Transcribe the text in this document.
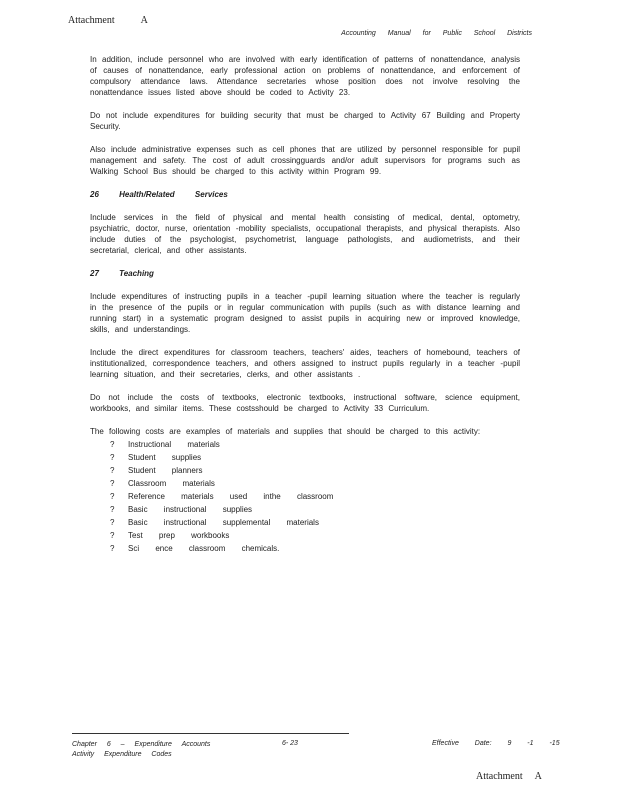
Attachment	A
Accounting Manual for Public School Districts

In addition, include personnel who are involved with early identification of patterns of nonattendance, analysis of causes of nonattendance, early professional action on problems of nonattendance, and enforcement of compulsory attendance laws. Attendance secretaries whose position does not involve resolving the nonattendance issues listed above should be coded to Activity 23.

Do not include expenditures for building security that must be charged to Activity 67 Building and Property Security.

Also include administrative expenses such as cell phones that are utilized by personnel responsible for pupil management and safety. The cost of adult crossingguards and/or adult supervisors for programs such as Walking School Bus should be charged to this activity within Program 99.

26 Health/Related Services

Include services in the field of physical and mental health consisting of medical, dental, optometry, psychiatric, doctor, nurse, orientation -mobility specialists, occupational therapists, and physical therapists. Also include duties of the psychologist, psychometrist, language pathologists, and audiometrists, and their secretarial, clerical, and other assistants.

27 Teaching

Include expenditures of instructing pupils in a teacher -pupil learning situation where the teacher is regularly in the presence of the pupils or in regular communication with pupils (such as with distance learning and running start) in a systematic program designed to assist pupils in acquiring new or improved knowledge, skills, and understandings.

Include the direct expenditures for classroom teachers, teachers' aides, teachers of homebound, teachers of institutionalized, correspondence teachers, and others assigned to instruct pupils regularly in a teacher -pupil learning situation, and their secretaries, clerks, and other assistants .

Do not include the costs of textbooks, electronic textbooks, instructional software, science equipment, workbooks, and similar items. These costsshould be charged to Activity 33 Curriculum.

The following costs are examples of materials and supplies that should be charged to this activity:

? Instructional materials
? Student supplies
? Student planners
? Classroom materials
? Reference materials used inthe classroom
? Basic instructional supplies
? Basic instructional supplemental materials
? Test prep workbooks
? Sci ence classroom chemicals.
Chapter 6 – Expenditure Accounts
Activity Expenditure Codes
6- 23	Effective Date: 9 -1 -15
Attachment A
